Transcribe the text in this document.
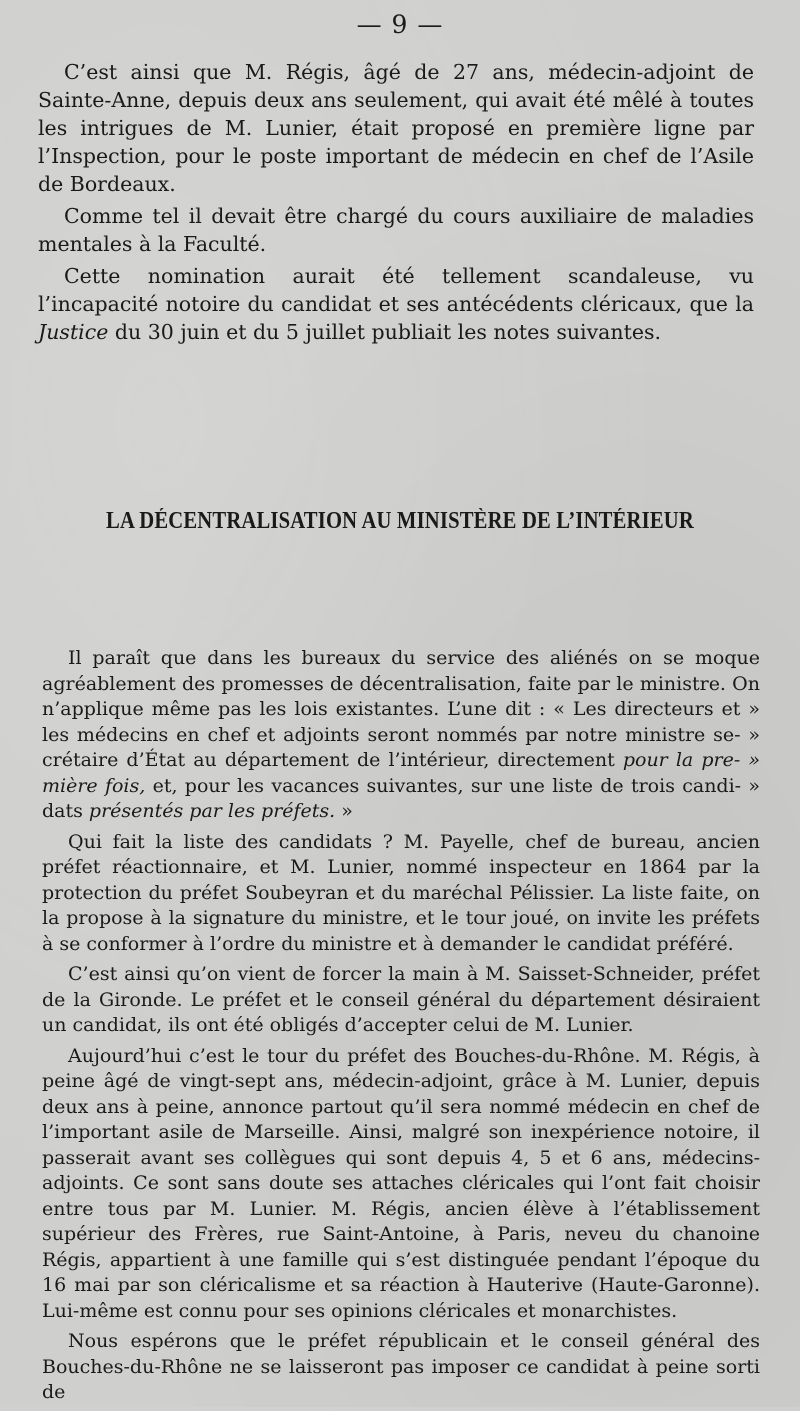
— 9 —

C’est ainsi que M. Régis, âgé de 27 ans, médecin-adjoint de Sainte-Anne, depuis deux ans seulement, qui avait été mêlé à toutes les intrigues de M. Lunier, était proposé en première ligne par l’Inspection, pour le poste important de médecin en chef de l’Asile de Bordeaux.

Comme tel il devait être chargé du cours auxiliaire de maladies mentales à la Faculté.

Cette nomination aurait été tellement scandaleuse, vu l’incapacité notoire du candidat et ses antécédents cléricaux, que la Justice du 30 juin et du 5 juillet publiait les notes suivantes.

LA DÉCENTRALISATION AU MINISTÈRE DE L’INTÉRIEUR

Il paraît que dans les bureaux du service des aliénés on se moque agréablement des promesses de décentralisation, faite par le ministre. On n’applique même pas les lois existantes. L’une dit : « Les directeurs et » les médecins en chef et adjoints seront nommés par notre ministre se- » crétaire d’État au département de l’intérieur, directement pour la pre- » mière fois, et, pour les vacances suivantes, sur une liste de trois candi- » dats présentés par les préfets. »

Qui fait la liste des candidats ? M. Payelle, chef de bureau, ancien préfet réactionnaire, et M. Lunier, nommé inspecteur en 1864 par la protection du préfet Soubeyran et du maréchal Pélissier. La liste faite, on la propose à la signature du ministre, et le tour joué, on invite les préfets à se conformer à l’ordre du ministre et à demander le candidat préféré.

C’est ainsi qu’on vient de forcer la main à M. Saisset-Schneider, préfet de la Gironde. Le préfet et le conseil général du département désiraient un candidat, ils ont été obligés d’accepter celui de M. Lunier.

Aujourd’hui c’est le tour du préfet des Bouches-du-Rhône. M. Régis, à peine âgé de vingt-sept ans, médecin-adjoint, grâce à M. Lunier, depuis deux ans à peine, annonce partout qu’il sera nommé médecin en chef de l’important asile de Marseille. Ainsi, malgré son inexpérience notoire, il passerait avant ses collègues qui sont depuis 4, 5 et 6 ans, médecins-adjoints. Ce sont sans doute ses attaches cléricales qui l’ont fait choisir entre tous par M. Lunier. M. Régis, ancien élève à l’établissement supérieur des Frères, rue Saint-Antoine, à Paris, neveu du chanoine Régis, appartient à une famille qui s’est distinguée pendant l’époque du 16 mai par son cléricalisme et sa réaction à Hauterive (Haute-Garonne). Lui-même est connu pour ses opinions cléricales et monarchistes.

Nous espérons que le préfet républicain et le conseil général des Bouches-du-Rhône ne se laisseront pas imposer ce candidat à peine sorti de
